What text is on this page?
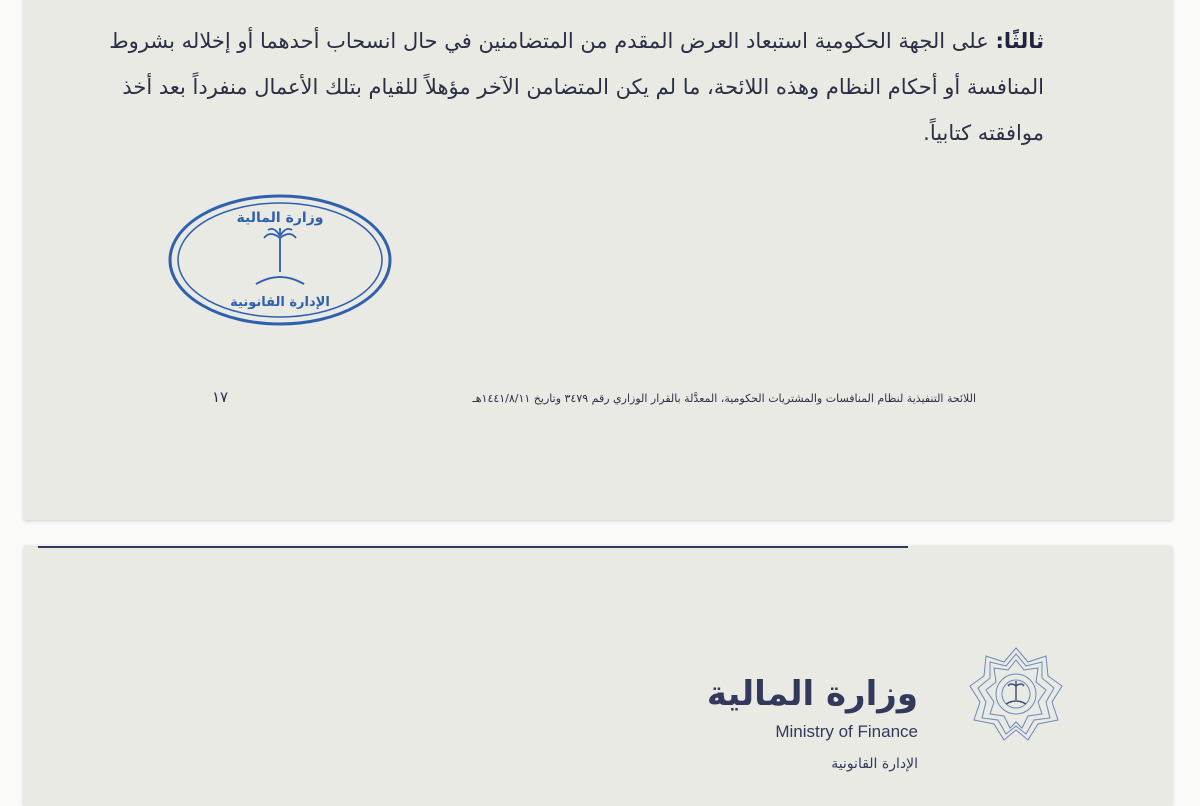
ثالثًا: على الجهة الحكومية استبعاد العرض المقدم من المتضامنين في حال انسحاب أحدهما أو إخلاله بشروط المنافسة أو أحكام النظام وهذه اللائحة، ما لم يكن المتضامن الآخر مؤهلاً للقيام بتلك الأعمال منفرداً بعد أخذ موافقته كتابياً.
وزارة المالية
الإدارة القانونية
اللائحة التنفيذية لنظام المنافسات والمشتريات الحكومية، المعدَّلة بالقرار الوزاري رقم ٣٤٧٩ وتاريخ ١٤٤١/٨/١١هـ
١٧
وزارة المالية
Ministry of Finance
الإدارة القانونية
